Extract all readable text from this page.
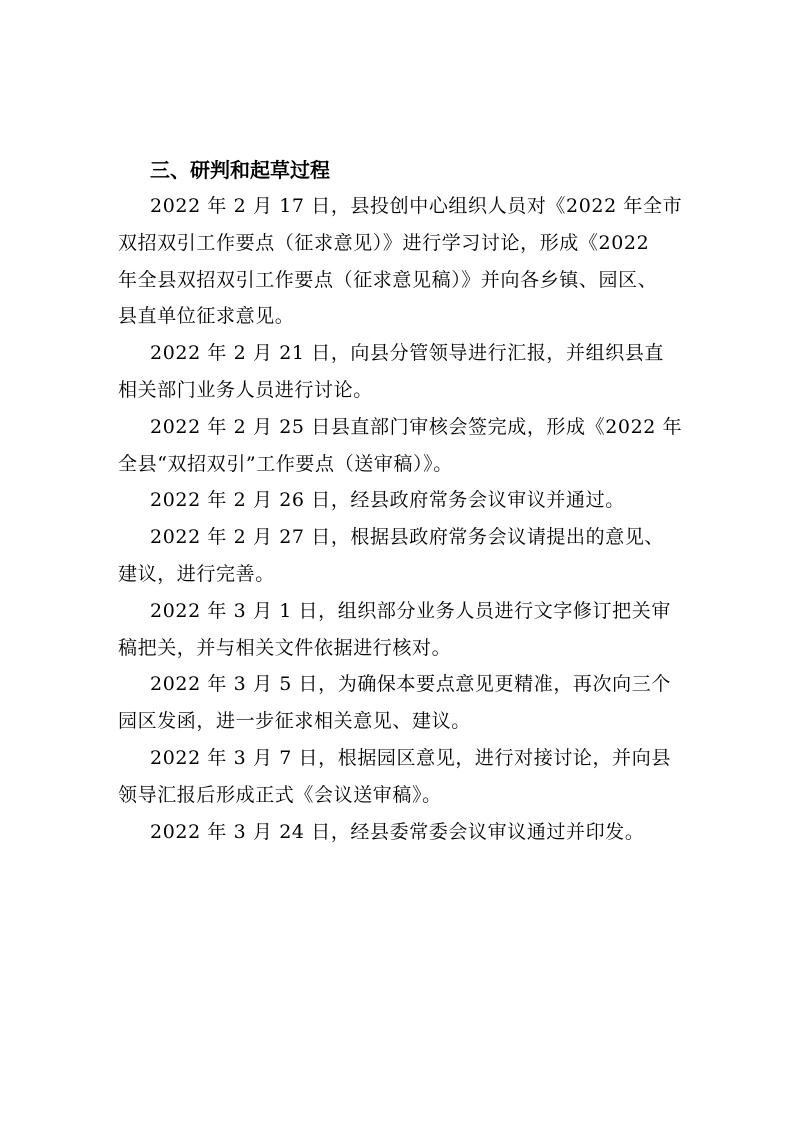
三、研判和起草过程

2022 年 2 月 17 日，县投创中心组织人员对《2022 年全市
双招双引工作要点（征求意见）》进行学习讨论，形成《2022
年全县双招双引工作要点（征求意见稿）》并向各乡镇、园区、
县直单位征求意见。

2022 年 2 月 21 日，向县分管领导进行汇报，并组织县直
相关部门业务人员进行讨论。

2022 年 2 月 25 日县直部门审核会签完成，形成《2022 年
全县“双招双引”工作要点（送审稿）》。

2022 年 2 月 26 日，经县政府常务会议审议并通过。

2022 年 2 月 27 日，根据县政府常务会议请提出的意见、
建议，进行完善。

2022 年 3 月 1 日，组织部分业务人员进行文字修订把关审
稿把关，并与相关文件依据进行核对。

2022 年 3 月 5 日，为确保本要点意见更精准，再次向三个
园区发函，进一步征求相关意见、建议。

2022 年 3 月 7 日，根据园区意见，进行对接讨论，并向县
领导汇报后形成正式《会议送审稿》。

2022 年 3 月 24 日，经县委常委会议审议通过并印发。
